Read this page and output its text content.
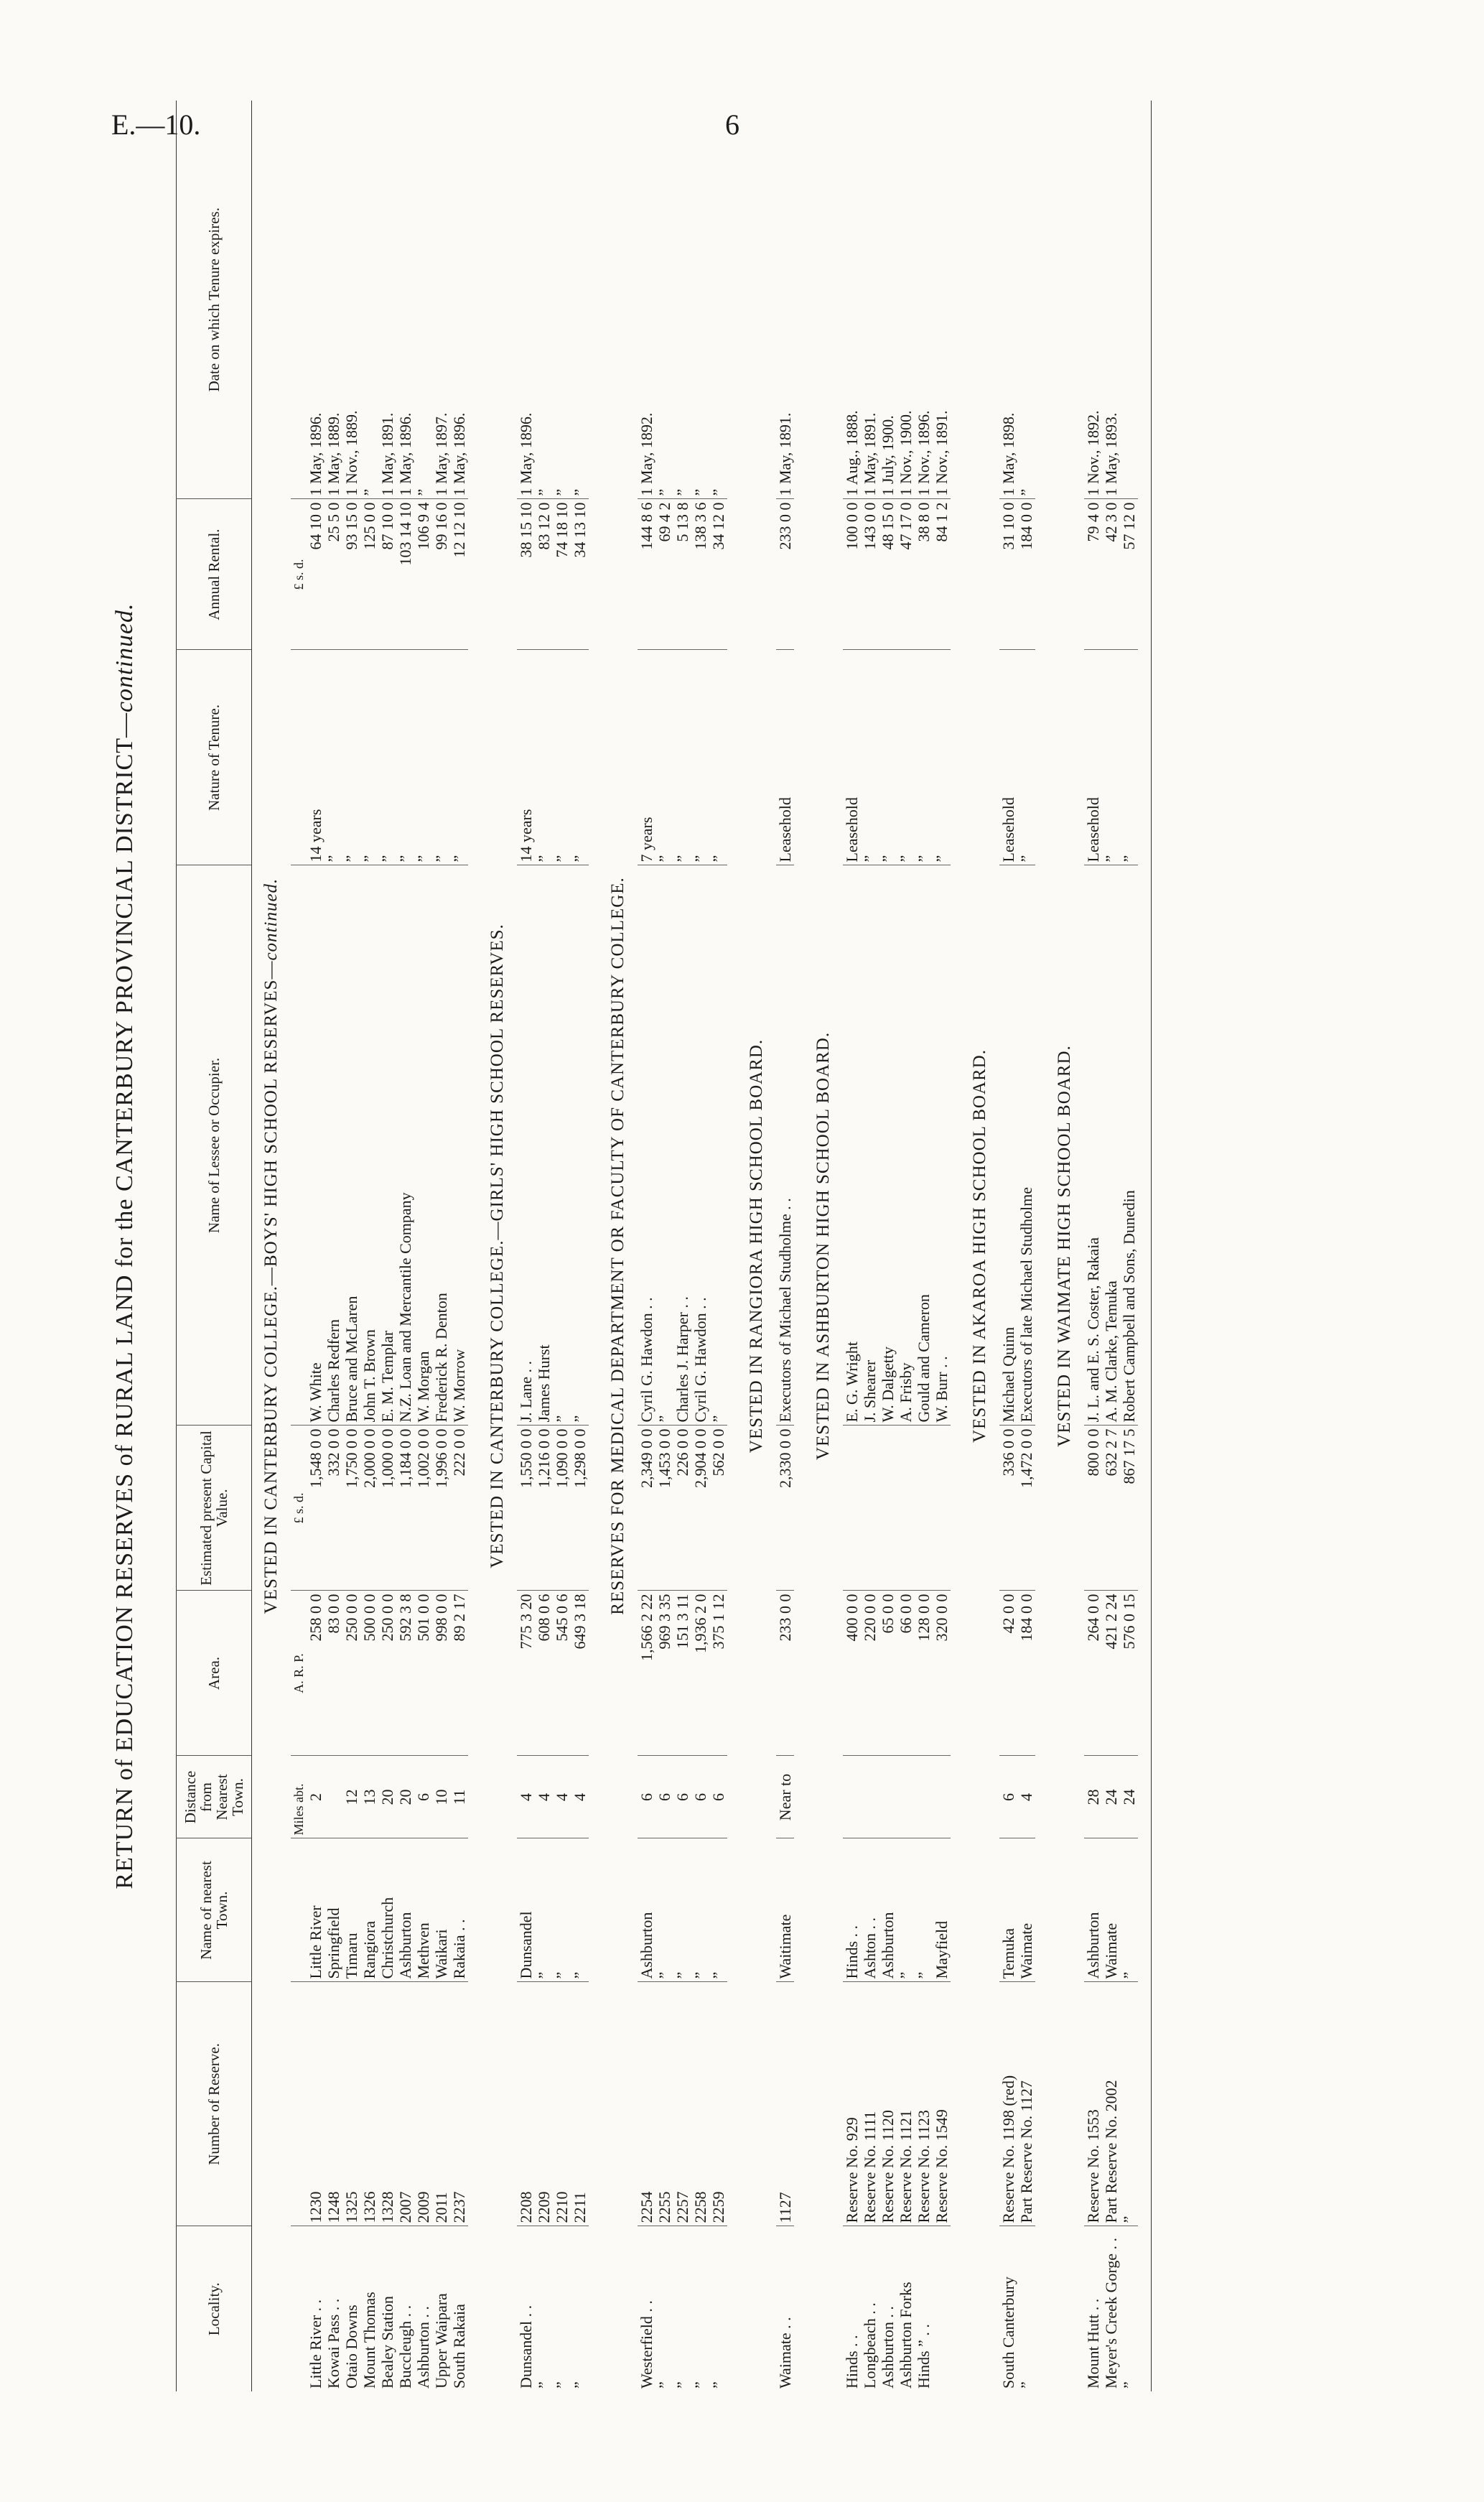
E.—10.	6
RETURN of EDUCATION RESERVES of RURAL LAND for the CANTERBURY PROVINCIAL DISTRICT—continued.
Locality.	Number of Reserve.	Name of nearest Town.	Distance from Nearest Town.	Area.	Estimated present Capital Value.	Name of Lessee or Occupier.	Nature of Tenure.	Annual Rental.	Date on which Tenure expires.
VESTED IN CANTERBURY COLLEGE.—BOYS' HIGH SCHOOL RESERVES—continued.									
			Miles abt.	A. R. P.	£ s. d.			£ s. d.	
Little River . .	1230	Little River	2	258 0 0	1,548 0 0	W. White	14 years	64 10 0	1 May, 1896.
Kowai Pass . .	1248	Springfield		83 0 0	332 0 0	Charles Redfern	”	25 5 0	1 May, 1889.
Otaio Downs	1325	Timaru	12	250 0 0	1,750 0 0	Bruce and McLaren	”	93 15 0	1 Nov., 1889.
Mount Thomas	1326	Rangiora	13	500 0 0	2,000 0 0	John T. Brown	”	125 0 0	”
Bealey Station	1328	Christchurch	20	250 0 0	1,000 0 0	E. M. Templar	”	87 10 0	1 May, 1891.
Buccleugh . .	2007	Ashburton	20	592 3 8	1,184 0 0	N.Z. Loan and Mercantile Company	”	103 14 10	1 May, 1896.
Ashburton . .	2009	Methven	6	501 0 0	1,002 0 0	W. Morgan	”	106 9 4	”
Upper Waipara	2011	Waikari	10	998 0 0	1,996 0 0	Frederick R. Denton	”	99 16 0	1 May, 1897.
South Rakaia	2237	Rakaia . .	11	89 2 17	222 0 0	W. Morrow	”	12 12 10	1 May, 1896.

VESTED IN CANTERBURY COLLEGE.—GIRLS' HIGH SCHOOL RESERVES.									
Dunsandel . .	2208	Dunsandel	4	775 3 20	1,550 0 0	J. Lane . .	14 years	38 15 10	1 May, 1896.
”	2209	”	4	608 0 6	1,216 0 0	James Hurst	”	83 12 0	”
”	2210	”	4	545 0 6	1,090 0 0	”	”	74 18 10	”
”	2211	”	4	649 3 18	1,298 0 0	”	”	34 13 10	”

RESERVES FOR MEDICAL DEPARTMENT OR FACULTY OF CANTERBURY COLLEGE.									
Westerfield . .	2254	Ashburton	6	1,566 2 22	2,349 0 0	Cyril G. Hawdon . .	7 years	144 8 6	1 May, 1892.
”	2255	”	6	969 3 35	1,453 0 0	”	”	69 4 2	”
”	2257	”	6	151 3 11	226 0 0	Charles J. Harper . .	”	5 13 8	”
”	2258	”	6	1,936 2 0	2,904 0 0	Cyril G. Hawdon . .	”	138 3 6	”
”	2259	”	6	375 1 12	562 0 0	”	”	34 12 0	”

VESTED IN RANGIORA HIGH SCHOOL BOARD.									
Waimate . .	1127	Waitimate	Near to	233 0 0	2,330 0 0	Executors of Michael Studholme . .	Leasehold	233 0 0	1 May, 1891.

VESTED IN ASHBURTON HIGH SCHOOL BOARD.									
Hinds . .	Reserve No. 929	Hinds . .		400 0 0		E. G. Wright	Leasehold	100 0 0	1 Aug., 1888.
Longbeach . .	Reserve No. 1111	Ashton . .		220 0 0		J. Shearer	”	143 0 0	1 May, 1891.
Ashburton . .	Reserve No. 1120	Ashburton		65 0 0		W. Dalgetty	”	48 15 0	1 July, 1900.
Ashburton Forks	Reserve No. 1121	”		66 0 0		A. Frisby	”	47 17 0	1 Nov., 1900.
Hinds ” . .	Reserve No. 1123	”		128 0 0		Gould and Cameron	”	38 8 0	1 Nov., 1896.
	Reserve No. 1549	Mayfield		320 0 0		W. Burr . .	”	84 1 2	1 Nov., 1891.

VESTED IN AKAROA HIGH SCHOOL BOARD.									
South Canterbury	Reserve No. 1198 (red)	Temuka	6	42 0 0	336 0 0	Michael Quinn	Leasehold	31 10 0	1 May, 1898.
”	Part Reserve No. 1127	Waimate	4	184 0 0	1,472 0 0	Executors of late Michael Studholme	”	184 0 0	”

VESTED IN WAIMATE HIGH SCHOOL BOARD.									
Mount Hutt . .	Reserve No. 1553	Ashburton	28	264 0 0	800 0 0	J. L. and E. S. Coster, Rakaia	Leasehold	79 4 0	1 Nov., 1892.
Meyer's Creek Gorge . .	Part Reserve No. 2002	Waimate	24	421 2 24	632 2 7	A. M. Clarke, Temuka	”	42 3 0	1 May, 1893.
”	”	”	24	576 0 15	867 17 5	Robert Campbell and Sons, Dunedin	”	57 12 0	
